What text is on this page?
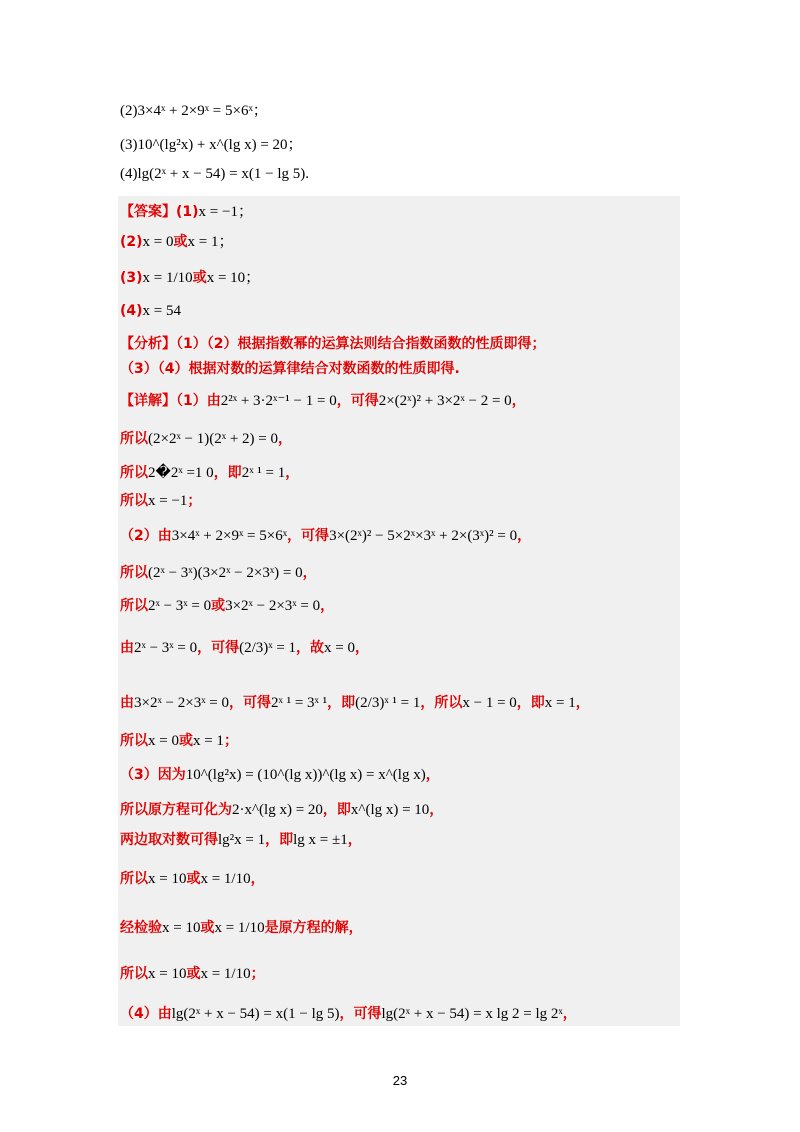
(2)3×4ˣ + 2×9ˣ = 5×6ˣ；
(3)10^(lg²x) + x^(lg x) = 20；
(4)lg(2ˣ + x − 54) = x(1 − lg 5).
【答案】(1)x = −1；
(2)x = 0或x = 1；
(3)x = 1/10或x = 10；
(4)x = 54
【分析】（1）（2）根据指数幂的运算法则结合指数函数的性质即得；
（3）（4）根据对数的运算律结合对数函数的性质即得.
【详解】（1）由2²ˣ + 3·2ˣ⁻¹ − 1 = 0，可得2×(2ˣ)² + 3×2ˣ − 2 = 0，
所以(2×2ˣ − 1)(2ˣ + 2) = 0，
所以2�2ˣ =1 0，即2ˣ ¹ = 1，
所以x = −1；
（2）由3×4ˣ + 2×9ˣ = 5×6ˣ，可得3×(2ˣ)² − 5×2ˣ×3ˣ + 2×(3ˣ)² = 0，
所以(2ˣ − 3ˣ)(3×2ˣ − 2×3ˣ) = 0，
所以2ˣ − 3ˣ = 0或3×2ˣ − 2×3ˣ = 0，
由2ˣ − 3ˣ = 0，可得(2/3)ˣ = 1，故x = 0，
由3×2ˣ − 2×3ˣ = 0，可得2ˣ ¹ = 3ˣ ¹，即(2/3)ˣ ¹ = 1，所以x − 1 = 0，即x = 1，
所以x = 0或x = 1；
（3）因为10^(lg²x) = (10^(lg x))^(lg x) = x^(lg x)，
所以原方程可化为2·x^(lg x) = 20，即x^(lg x) = 10，
两边取对数可得lg²x = 1，即lg x = ±1，
所以x = 10或x = 1/10，
经检验x = 10或x = 1/10是原方程的解，
所以x = 10或x = 1/10；
（4）由lg(2ˣ + x − 54) = x(1 − lg 5)，可得lg(2ˣ + x − 54) = x lg 2 = lg 2ˣ，
23
